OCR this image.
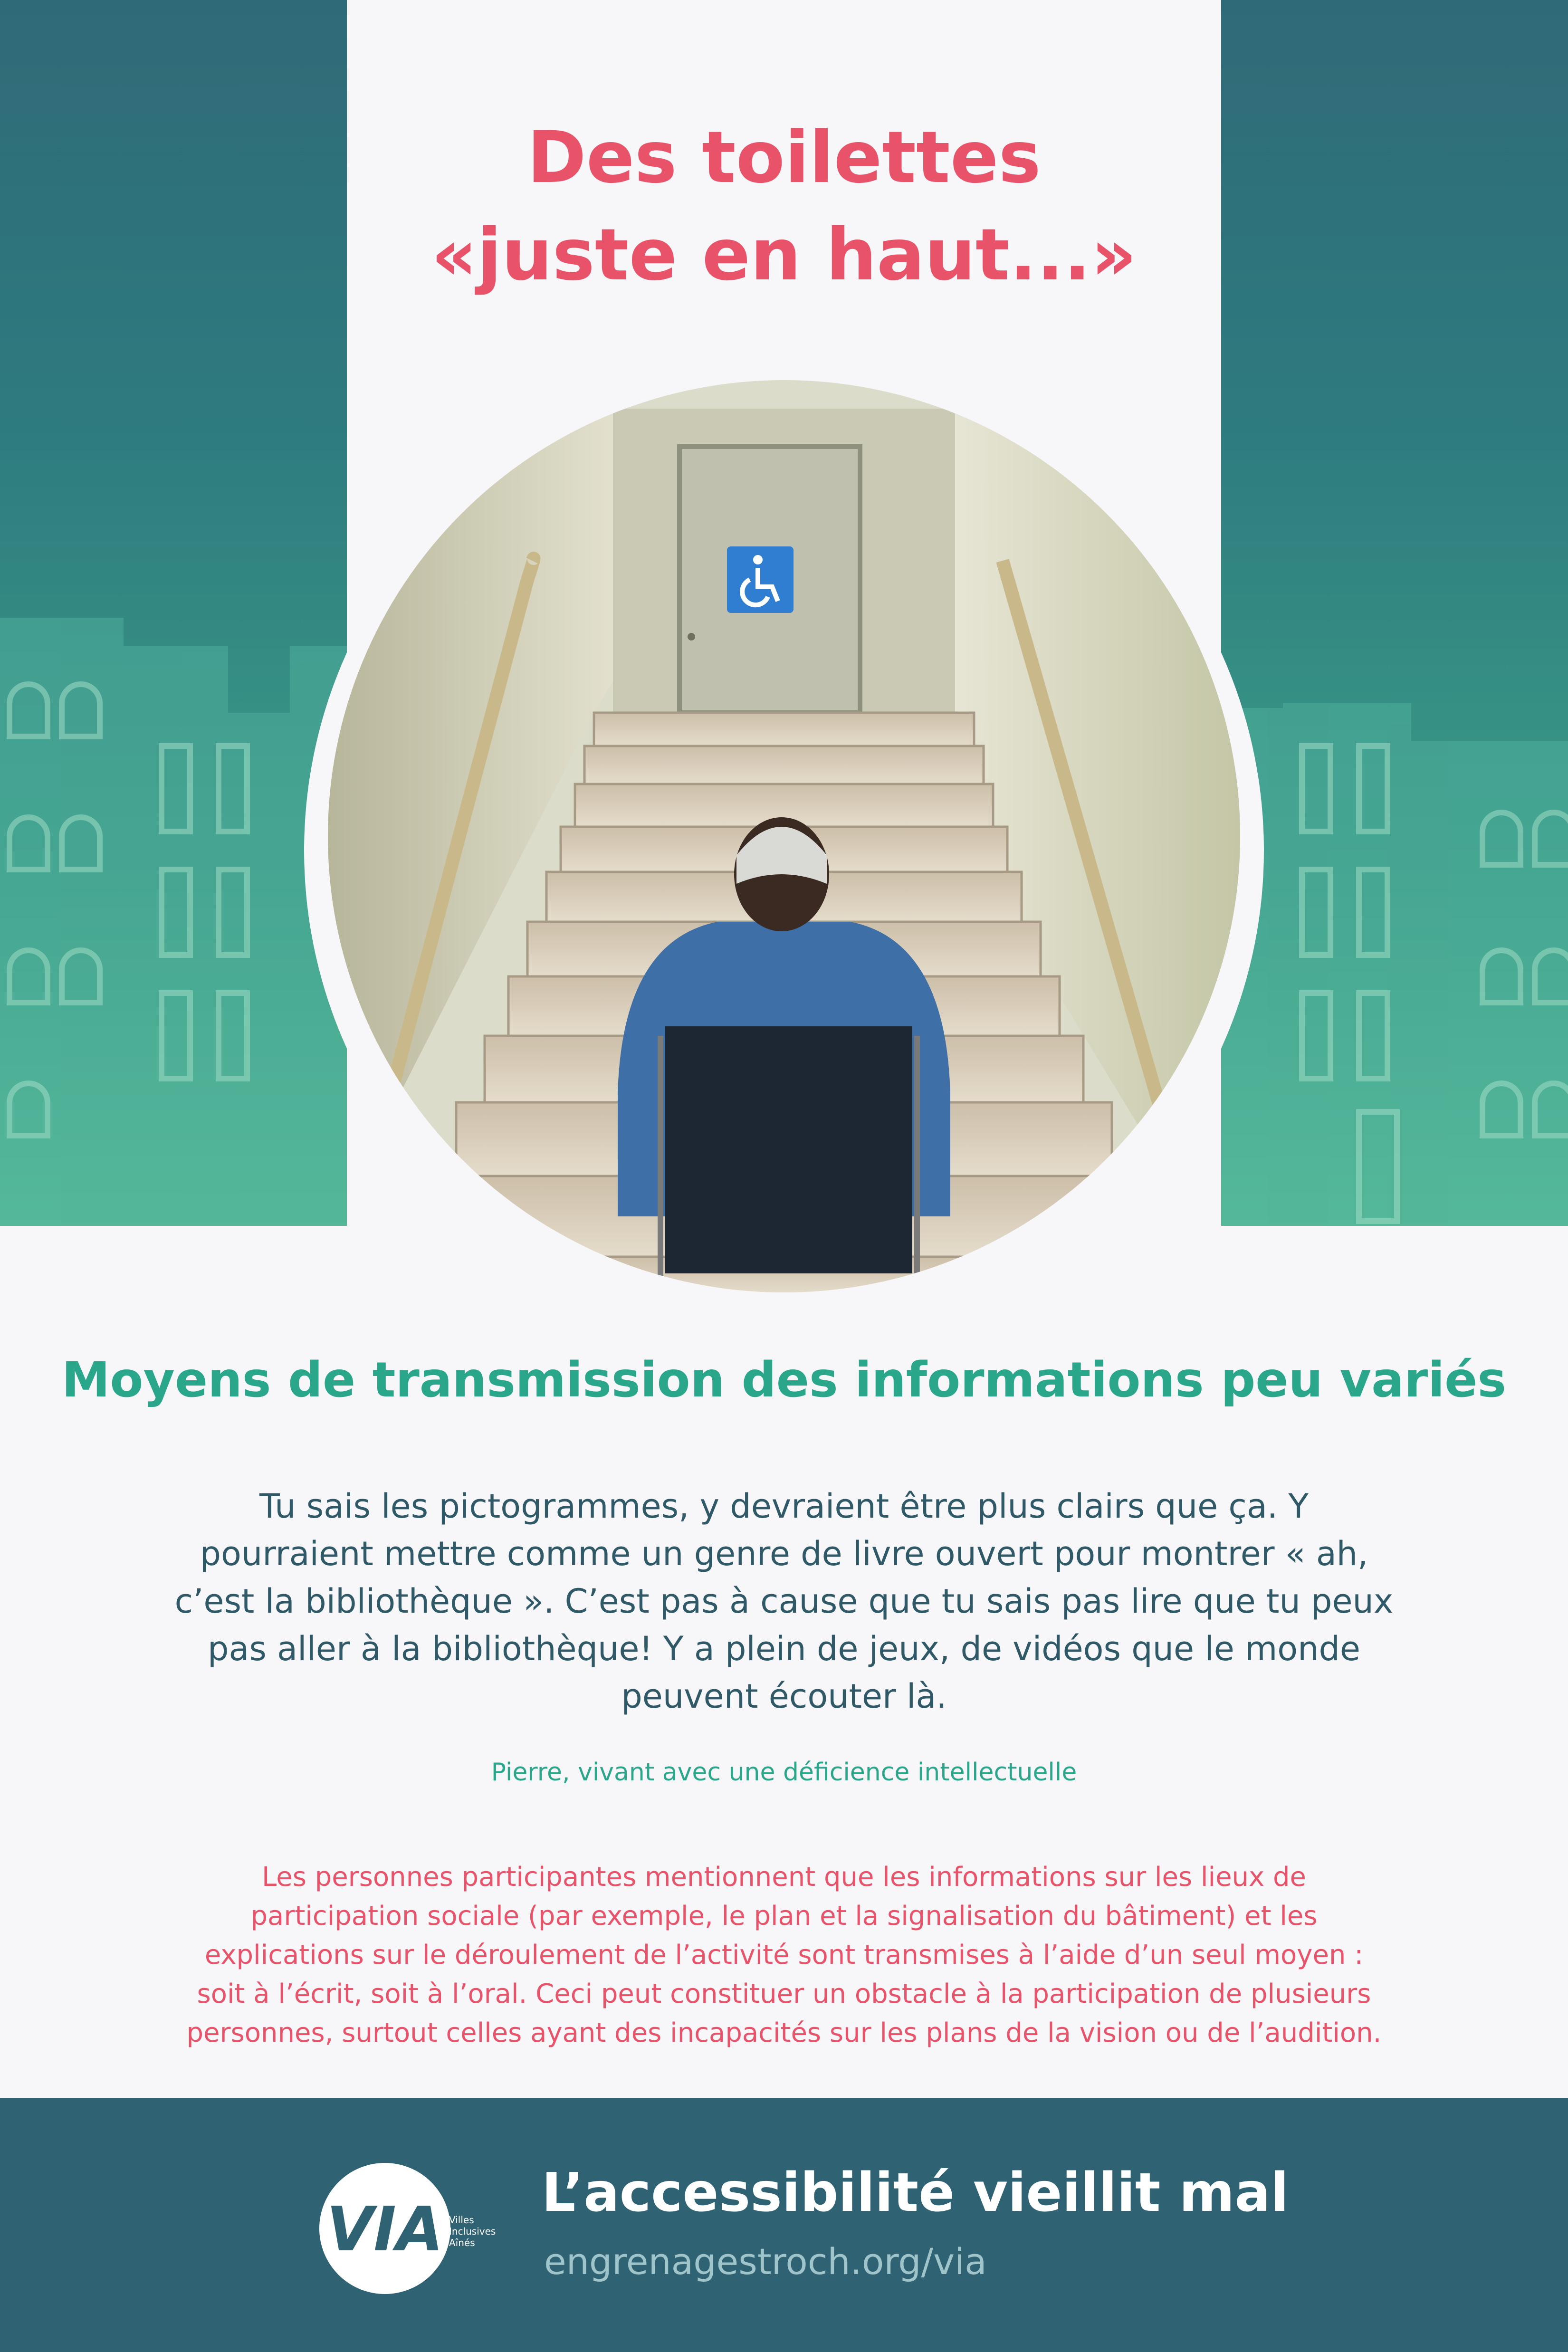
Des toilettes
«juste en haut...»
Moyens de transmission des informations peu variés
Tu sais les pictogrammes, y devraient être plus clairs que ça. Y
pourraient mettre comme un genre de livre ouvert pour montrer « ah,
c’est la bibliothèque ». C’est pas à cause que tu sais pas lire que tu peux
pas aller à la bibliothèque! Y a plein de jeux, de vidéos que le monde
peuvent écouter là.
Pierre, vivant avec une déficience intellectuelle
Les personnes participantes mentionnent que les informations sur les lieux de
participation sociale (par exemple, le plan et la signalisation du bâtiment) et les
explications sur le déroulement de l’activité sont transmises à l’aide d’un seul moyen :
soit à l’écrit, soit à l’oral. Ceci peut constituer un obstacle à la participation de plusieurs
personnes, surtout celles ayant des incapacités sur les plans de la vision ou de l’audition.
VIA Villes
Inclusives
Aînés
L’accessibilité vieillit mal
engrenagestroch.org/via
